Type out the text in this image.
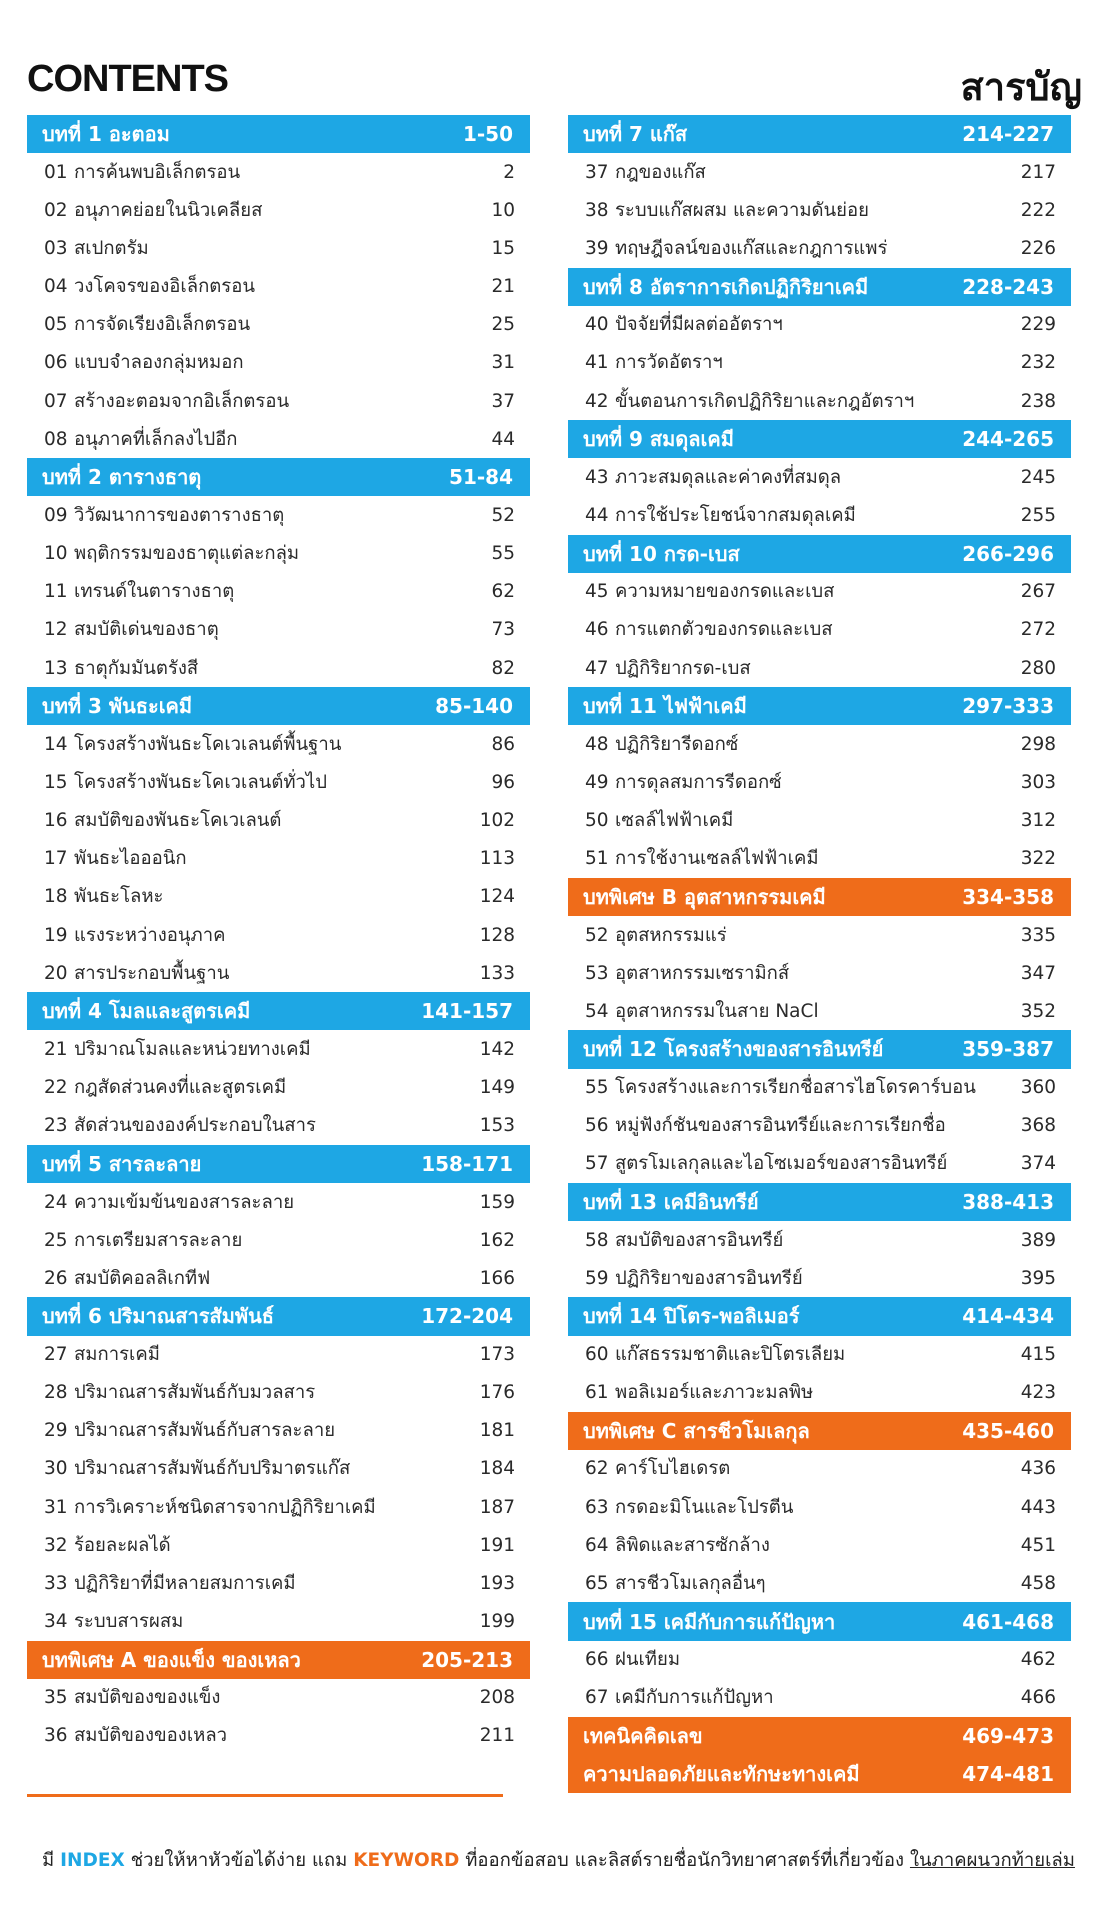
CONTENTS	สารบัญ
บทที่ 1 อะตอม	1-50
01 การค้นพบอิเล็กตรอน	2
02 อนุภาคย่อยในนิวเคลียส	10
03 สเปกตรัม	15
04 วงโคจรของอิเล็กตรอน	21
05 การจัดเรียงอิเล็กตรอน	25
06 แบบจำลองกลุ่มหมอก	31
07 สร้างอะตอมจากอิเล็กตรอน	37
08 อนุภาคที่เล็กลงไปอีก	44
บทที่ 2 ตารางธาตุ	51-84
09 วิวัฒนาการของตารางธาตุ	52
10 พฤติกรรมของธาตุแต่ละกลุ่ม	55
11 เทรนด์ในตารางธาตุ	62
12 สมบัติเด่นของธาตุ	73
13 ธาตุกัมมันตรังสี	82
บทที่ 3 พันธะเคมี	85-140
14 โครงสร้างพันธะโคเวเลนต์พื้นฐาน	86
15 โครงสร้างพันธะโคเวเลนต์ทั่วไป	96
16 สมบัติของพันธะโคเวเลนต์	102
17 พันธะไอออนิก	113
18 พันธะโลหะ	124
19 แรงระหว่างอนุภาค	128
20 สารประกอบพื้นฐาน	133
บทที่ 4 โมลและสูตรเคมี	141-157
21 ปริมาณโมลและหน่วยทางเคมี	142
22 กฎสัดส่วนคงที่และสูตรเคมี	149
23 สัดส่วนขององค์ประกอบในสาร	153
บทที่ 5 สารละลาย	158-171
24 ความเข้มข้นของสารละลาย	159
25 การเตรียมสารละลาย	162
26 สมบัติคอลลิเกทีฟ	166
บทที่ 6 ปริมาณสารสัมพันธ์	172-204
27 สมการเคมี	173
28 ปริมาณสารสัมพันธ์กับมวลสาร	176
29 ปริมาณสารสัมพันธ์กับสารละลาย	181
30 ปริมาณสารสัมพันธ์กับปริมาตรแก๊ส	184
31 การวิเคราะห์ชนิดสารจากปฏิกิริยาเคมี	187
32 ร้อยละผลได้	191
33 ปฏิกิริยาที่มีหลายสมการเคมี	193
34 ระบบสารผสม	199
บทพิเศษ A ของแข็ง ของเหลว	205-213
35 สมบัติของของแข็ง	208
36 สมบัติของของเหลว	211
บทที่ 7 แก๊ส	214-227
37 กฎของแก๊ส	217
38 ระบบแก๊สผสม และความดันย่อย	222
39 ทฤษฎีจลน์ของแก๊สและกฎการแพร่	226
บทที่ 8 อัตราการเกิดปฏิกิริยาเคมี	228-243
40 ปัจจัยที่มีผลต่ออัตราฯ	229
41 การวัดอัตราฯ	232
42 ขั้นตอนการเกิดปฏิกิริยาและกฎอัตราฯ	238
บทที่ 9 สมดุลเคมี	244-265
43 ภาวะสมดุลและค่าคงที่สมดุล	245
44 การใช้ประโยชน์จากสมดุลเคมี	255
บทที่ 10 กรด-เบส	266-296
45 ความหมายของกรดและเบส	267
46 การแตกตัวของกรดและเบส	272
47 ปฏิกิริยากรด-เบส	280
บทที่ 11 ไฟฟ้าเคมี	297-333
48 ปฏิกิริยารีดอกซ์	298
49 การดุลสมการรีดอกซ์	303
50 เซลล์ไฟฟ้าเคมี	312
51 การใช้งานเซลล์ไฟฟ้าเคมี	322
บทพิเศษ B อุตสาหกรรมเคมี	334-358
52 อุตสหกรรมแร่	335
53 อุตสาหกรรมเซรามิกส์	347
54 อุตสาหกรรมในสาย NaCl	352
บทที่ 12 โครงสร้างของสารอินทรีย์	359-387
55 โครงสร้างและการเรียกชื่อสารไฮโดรคาร์บอน 360
56 หมู่ฟังก์ชันของสารอินทรีย์และการเรียกชื่อ	368
57 สูตรโมเลกุลและไอโซเมอร์ของสารอินทรีย์	374
บทที่ 13 เคมีอินทรีย์	388-413
58 สมบัติของสารอินทรีย์	389
59 ปฏิกิริยาของสารอินทรีย์	395
บทที่ 14 ปิโตร-พอลิเมอร์	414-434
60 แก๊สธรรมชาติและปิโตรเลียม	415
61 พอลิเมอร์และภาวะมลพิษ	423
บทพิเศษ C สารชีวโมเลกุล	435-460
62 คาร์โบไฮเดรต	436
63 กรดอะมิโนและโปรตีน	443
64 ลิพิดและสารซักล้าง	451
65 สารชีวโมเลกุลอื่นๆ	458
บทที่ 15 เคมีกับการแก้ปัญหา	461-468
66 ฝนเทียม	462
67 เคมีกับการแก้ปัญหา	466
เทคนิคคิดเลข	469-473
ความปลอดภัยและทักษะทางเคมี	474-481
มี INDEX ช่วยให้หาหัวข้อได้ง่าย แถม KEYWORD ที่ออกข้อสอบ และลิสต์รายชื่อนักวิทยาศาสตร์ที่เกี่ยวข้อง ในภาคผนวกท้ายเล่ม
